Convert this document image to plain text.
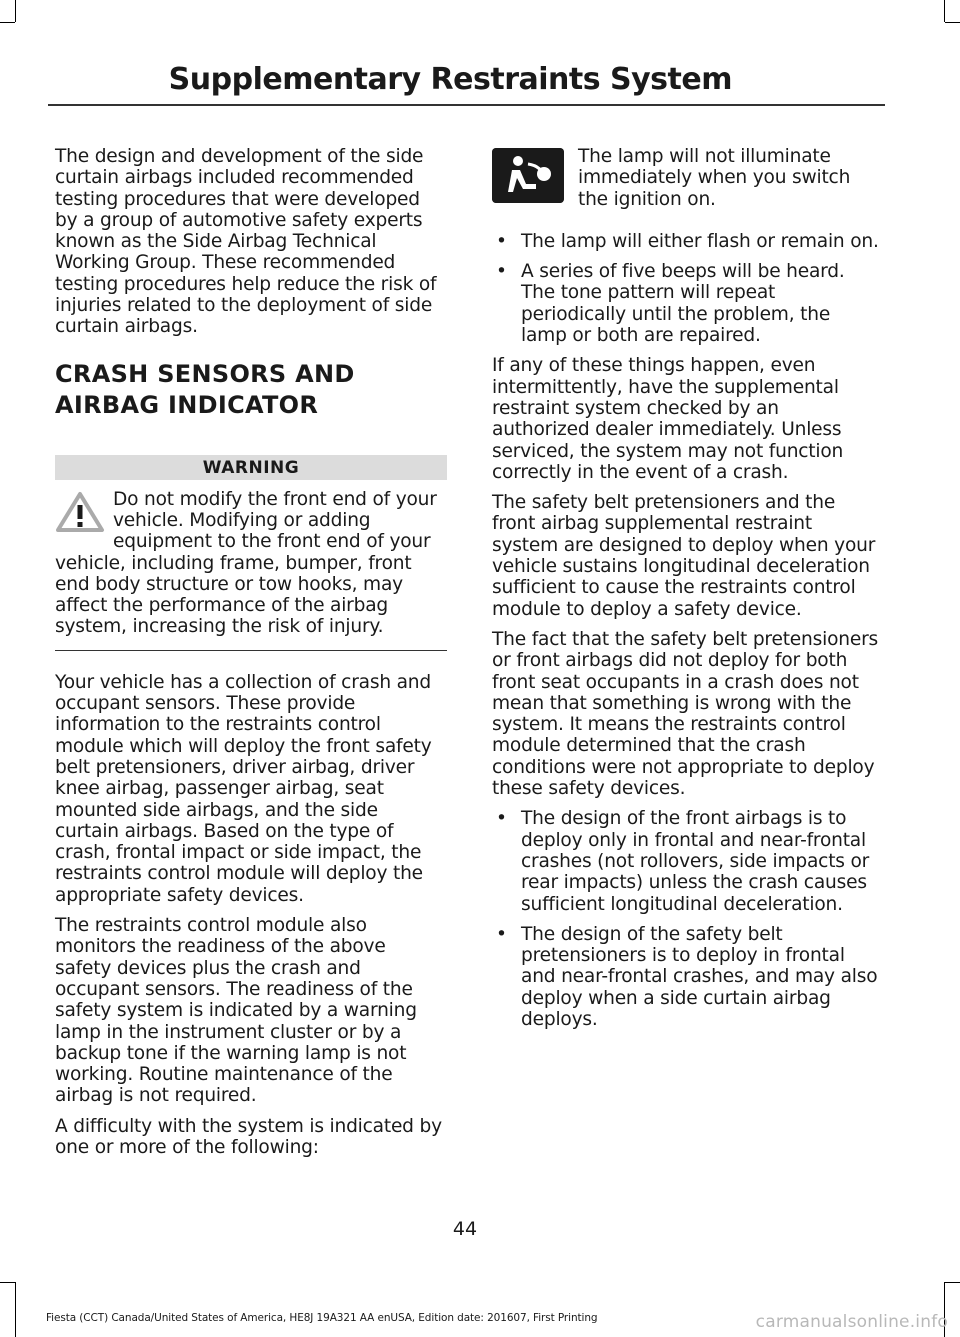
Supplementary Restraints System

The design and development of the side curtain airbags included recommended testing procedures that were developed by a group of automotive safety experts known as the Side Airbag Technical Working Group. These recommended testing procedures help reduce the risk of injuries related to the deployment of side curtain airbags.

CRASH SENSORS AND
AIRBAG INDICATOR
WARNING
Do not modify the front end of your vehicle. Modifying or adding equipment to the front end of your vehicle, including frame, bumper, front end body structure or tow hooks, may affect the performance of the airbag system, increasing the risk of injury.

Your vehicle has a collection of crash and occupant sensors. These provide information to the restraints control module which will deploy the front safety belt pretensioners, driver airbag, driver knee airbag, passenger airbag, seat mounted side airbags, and the side curtain airbags. Based on the type of crash, frontal impact or side impact, the restraints control module will deploy the appropriate safety devices.

The restraints control module also monitors the readiness of the above safety devices plus the crash and occupant sensors. The readiness of the safety system is indicated by a warning lamp in the instrument cluster or by a backup tone if the warning lamp is not working. Routine maintenance of the airbag is not required.

A difficulty with the system is indicated by one or more of the following:

The lamp will not illuminate immediately when you switch the ignition on.
• The lamp will either flash or remain on.
• A series of five beeps will be heard. The tone pattern will repeat periodically until the problem, the lamp or both are repaired.

If any of these things happen, even intermittently, have the supplemental restraint system checked by an authorized dealer immediately. Unless serviced, the system may not function correctly in the event of a crash.

The safety belt pretensioners and the front airbag supplemental restraint system are designed to deploy when your vehicle sustains longitudinal deceleration sufficient to cause the restraints control module to deploy a safety device.

The fact that the safety belt pretensioners or front airbags did not deploy for both front seat occupants in a crash does not mean that something is wrong with the system. It means the restraints control module determined that the crash conditions were not appropriate to deploy these safety devices.

• The design of the front airbags is to deploy only in frontal and near-frontal crashes (not rollovers, side impacts or rear impacts) unless the crash causes sufficient longitudinal deceleration.
• The design of the safety belt pretensioners is to deploy in frontal and near-frontal crashes, and may also deploy when a side curtain airbag deploys.
44
Fiesta (CCT) Canada/United States of America, HE8J 19A321 AA enUSA, Edition date: 201607, First Printing	carmanualsonline.info
